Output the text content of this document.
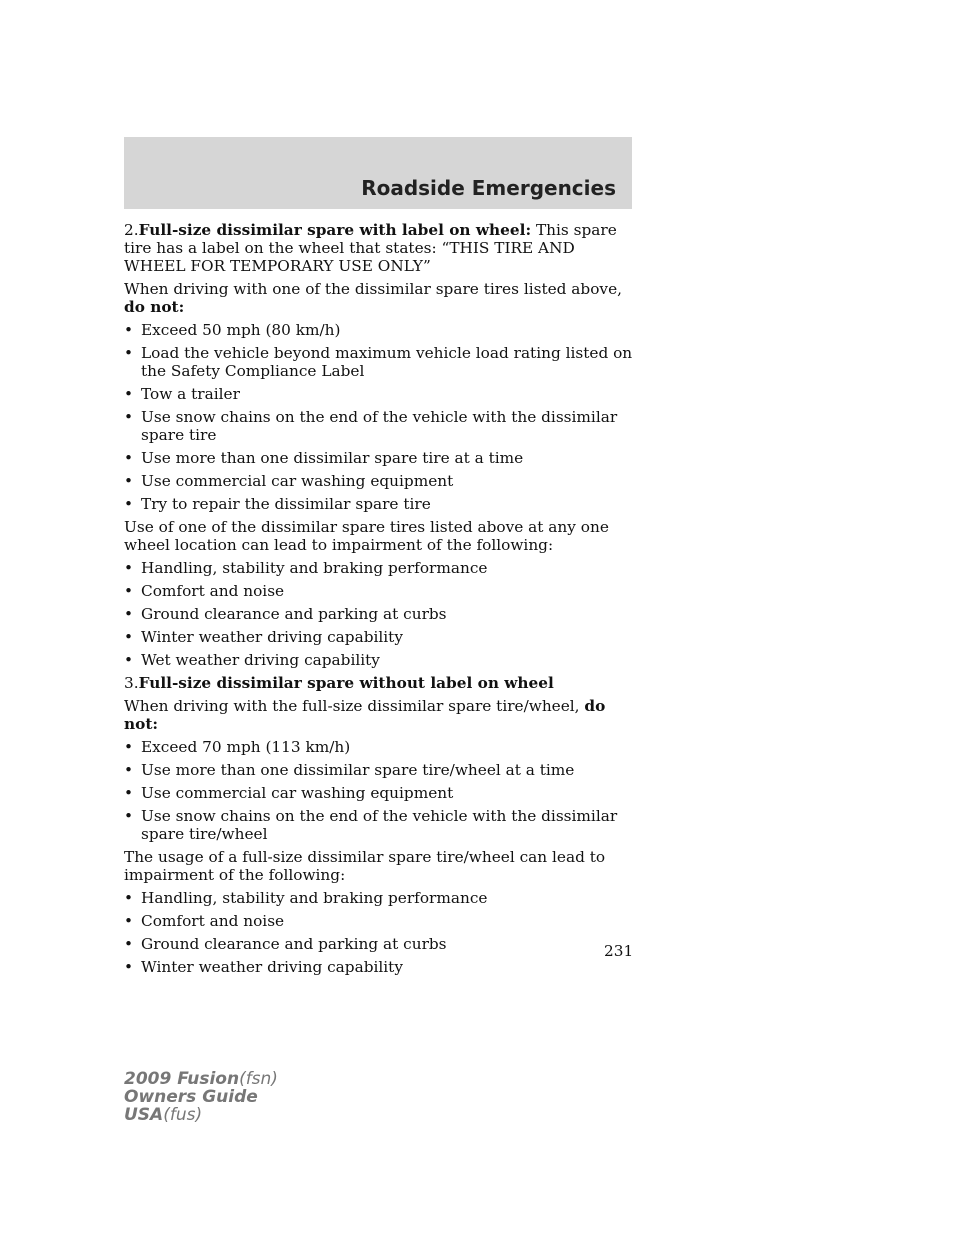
Roadside Emergencies

2.Full-size dissimilar spare with label on wheel: This spare tire has a label on the wheel that states: “THIS TIRE AND WHEEL FOR TEMPORARY USE ONLY”

When driving with one of the dissimilar spare tires listed above, do not:

• Exceed 50 mph (80 km/h)
• Load the vehicle beyond maximum vehicle load rating listed on the Safety Compliance Label
• Tow a trailer
• Use snow chains on the end of the vehicle with the dissimilar spare tire
• Use more than one dissimilar spare tire at a time
• Use commercial car washing equipment
• Try to repair the dissimilar spare tire

Use of one of the dissimilar spare tires listed above at any one wheel location can lead to impairment of the following:

• Handling, stability and braking performance
• Comfort and noise
• Ground clearance and parking at curbs
• Winter weather driving capability
• Wet weather driving capability

3.Full-size dissimilar spare without label on wheel

When driving with the full-size dissimilar spare tire/wheel, do not:

• Exceed 70 mph (113 km/h)
• Use more than one dissimilar spare tire/wheel at a time
• Use commercial car washing equipment
• Use snow chains on the end of the vehicle with the dissimilar spare tire/wheel

The usage of a full-size dissimilar spare tire/wheel can lead to impairment of the following:

• Handling, stability and braking performance
• Comfort and noise
• Ground clearance and parking at curbs
• Winter weather driving capability
231
2009 Fusion(fsn)
Owners Guide
USA(fus)
